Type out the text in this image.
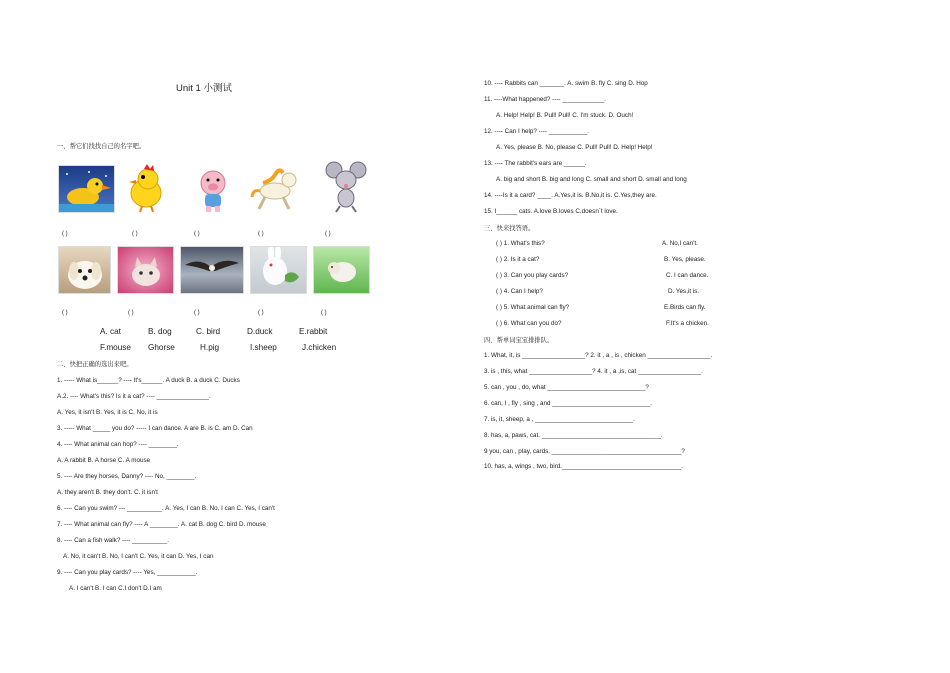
Unit 1 小测试
一、帮它们找找自己的名字吧。
( )	( )	( )	( )	( )
( )	( )	( )	( )	( )
A. cat	B. dog	C. bird	D.duck	E.rabbit
F.mouse Ghorse	H.pig	I.sheep	J.chicken
二、快把正确的选出来吧。
1. ----- What is______? ---- It's______. A duck B. a duck C. Ducks
A.2. ---- What's this? Is it a cat? ---- _______________.
A. Yes, it isn't B. Yes, it is C. No, it is
3. ----- What _____ you do? ----- I can dance. A are B. is C. am D. Can
4. ---- What animal can hop? ---- ________.
A. A rabbit B. A horse C. A mouse
5. ---- Are they horses, Danny? ---- No, ________.
A. they aren't B. they don't. C. it isn't
6. ---- Can you swim? --- __________. A. Yes, I can B. No, I can C. Yes, I can't
7. ---- What animal can fly? ---- A ________. A. cat B. dog C. bird D. mouse
8. ---- Can a fish walk? ---- __________.
A. No, it can't B. No, I can't C. Yes, it can D. Yes, I can
9. ---- Can you play cards? ---- Yes, ___________.
A. I can't B. I can C.I don't D.I am
10. ---- Rabbits can _______. A. swim B. fly C. sing D. Hop
11. ----What happened? ---- ____________.
A. Help! Help! B. Pull! Pull! C. I'm stuck. D. Ouch!
12. ---- Can I help? ---- ___________.
A. Yes, please B. No, please C. Pull! Pull! D. Help! Help!
13. ---- The rabbit's ears are ______.
A. big and short B. big and long C. small and short D. small and long
14. ----Is it a card? ____. A.Yes,it is. B.No,it is. C.Yes,they are.
15. I______ cats. A.love B.loves C.doesn`t love.
三、快来找答语。
( ) 1. What's this?	A. No,I can't.
( ) 2. Is it a cat?	B. Yes, please.
( ) 3. Can you play cards?	C. I can dance.
( ) 4. Can I help?	D. Yes,it is.
( ) 5. What animal can fly?	E.Birds can fly.
( ) 6. What can you do?	F.It's a chicken.
四、帮单词宝宝排排队。
1. What, it, is __________________? 2. it , a , is , chicken __________________.
3. is , this, what __________________? 4. it , a ,is, cat __________________.
5. can , you , do, what ____________________________?
6. can, I , fly , sing , and ____________________________.
7. is, it, sheep, a , ____________________________.
8. has, a, paws, cat. __________________________________.
9 you, can , play, cards. _____________________________________?
10. has, a, wings , two, bird.__________________________________.
